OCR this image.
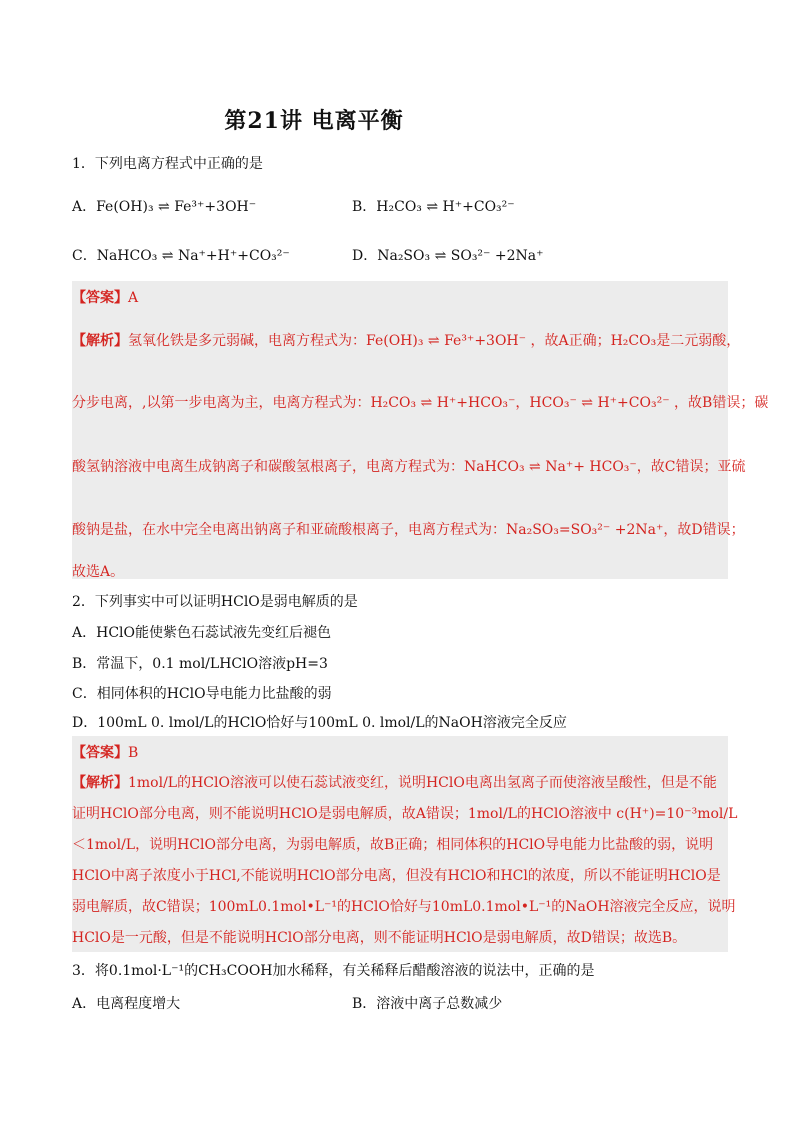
第21讲 电离平衡
1．下列电离方程式中正确的是
A．Fe(OH)₃ ⇌ Fe³⁺+3OH⁻	B．H₂CO₃ ⇌ H⁺+CO₃²⁻
C．NaHCO₃ ⇌ Na⁺+H⁺+CO₃²⁻	D．Na₂SO₃ ⇌ SO₃²⁻ +2Na⁺
【答案】A
【解析】氢氧化铁是多元弱碱，电离方程式为：Fe(OH)₃ ⇌ Fe³⁺+3OH⁻ ，故A正确；H₂CO₃是二元弱酸，
分步电离，,以第一步电离为主，电离方程式为：H₂CO₃ ⇌ H⁺+HCO₃⁻，HCO₃⁻ ⇌ H⁺+CO₃²⁻ ，故B错误；碳
酸氢钠溶液中电离生成钠离子和碳酸氢根离子，电离方程式为：NaHCO₃ ⇌ Na⁺+ HCO₃⁻，故C错误；亚硫
酸钠是盐，在水中完全电离出钠离子和亚硫酸根离子，电离方程式为：Na₂SO₃=SO₃²⁻ +2Na⁺，故D错误；
故选A。
2．下列事实中可以证明HClO是弱电解质的是
A．HClO能使紫色石蕊试液先变红后褪色
B．常温下，0.1 mol/LHClO溶液pH=3
C．相同体积的HClO导电能力比盐酸的弱
D．100mL 0. lmol/L的HClO恰好与100mL 0. lmol/L的NaOH溶液完全反应
【答案】B
【解析】1mol/L的HClO溶液可以使石蕊试液变红，说明HClO电离出氢离子而使溶液呈酸性，但是不能
证明HClO部分电离，则不能说明HClO是弱电解质，故A错误；1mol/L的HClO溶液中 c(H⁺)=10⁻³mol/L
＜1mol/L，说明HClO部分电离，为弱电解质，故B正确；相同体积的HClO导电能力比盐酸的弱，说明
HClO中离子浓度小于HCl,不能说明HClO部分电离，但没有HClO和HCl的浓度，所以不能证明HClO是
弱电解质，故C错误；100mL0.1mol•L⁻¹的HClO恰好与10mL0.1mol•L⁻¹的NaOH溶液完全反应，说明
HClO是一元酸，但是不能说明HClO部分电离，则不能证明HClO是弱电解质，故D错误；故选B。
3．将0.1mol·L⁻¹的CH₃COOH加水稀释，有关稀释后醋酸溶液的说法中，正确的是
A．电离程度增大	B．溶液中离子总数减少
